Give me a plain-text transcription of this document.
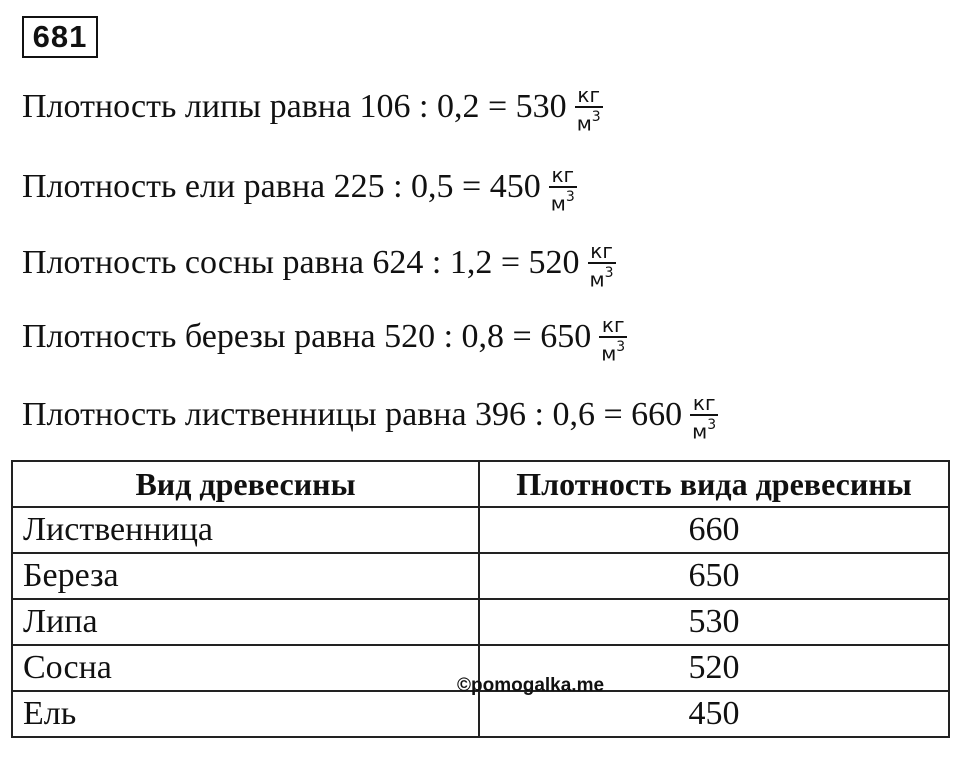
681
Плотность липы равна 106 : $0,2 = 530 \frac{кг}{м^3}$
Плотность ели равна 225 : $0,5 = 450 \frac{кг}{м^3}$
Плотность сосны равна 624 : $1,2 = 520 \frac{кг}{м^3}$
Плотность березы равна 520 : $0,8 = 650 \frac{кг}{м^3}$
Плотность лиственницы равна 396 : $0,6 = 660 \frac{кг}{м^3}$
Вид древесины	Плотность вида древесины
Лиственница	660
Береза	650
Липа	530
Сосна	520
Ель	450
©pomogalka.me
